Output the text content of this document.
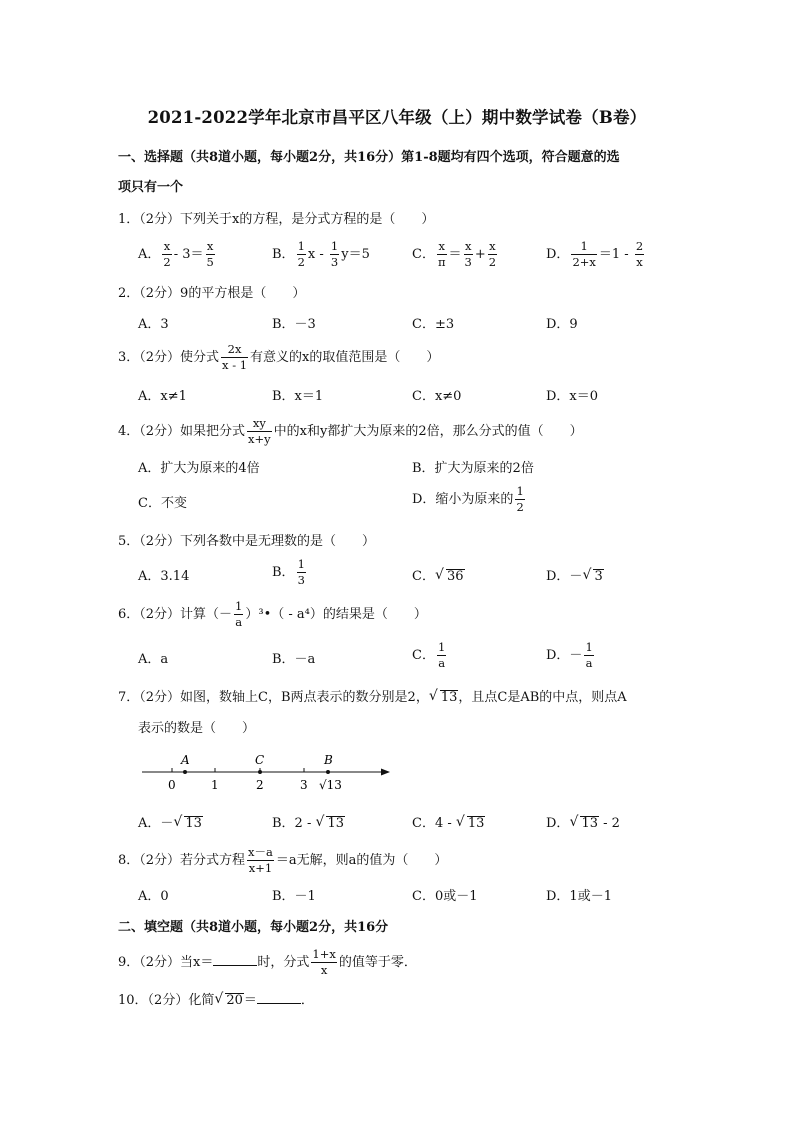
2021-2022学年北京市昌平区八年级（上）期中数学试卷（B卷）
一、选择题（共8道小题，每小题2分，共16分）第1-8题均有四个选项，符合题意的选
项只有一个
1．（2分）下列关于x的方程，是分式方程的是（　　）
A． $\frac{x}{2} - 3= \frac{x}{5}$	B． $\frac{1}{2}$ $x - \frac{1}{3} y=5$	C． $\frac{x}{\pi} = \frac{x}{3} + \frac{x}{2}$	D． $\frac{1}{2+x} =1 - \frac{2}{x}$
2．（2分）9的平方根是（　　）
A．3	B．－3	C．±3	D．9
3．（2分）使分式 $\frac{2x}{x - 1}$ 有意义的x的取值范围是（　　）
A．x≠1	B．x＝1	C．x≠0	D．x＝0
4．（2分）如果把分式 $\frac{xy}{x+y}$ 中的x和y都扩大为原来的2倍，那么分式的值（　　）
A．扩大为原来的4倍	B．扩大为原来的2倍
C．不变	D．缩小为原来的 $\frac{1}{2}$
5．（2分）下列各数中是无理数的是（　　）
A．3.14	B． $\frac{1}{3}$	C． √ 36	D．－ √ 3
6．（2分）计算（－ $\frac{1}{a}$ ）³•（ - a⁴）的结果是（　　）
A．a	B．－a	C． $\frac{1}{a}$	D．－ $\frac{1}{a}$
7．（2分）如图，数轴上C，B两点表示的数分别是2， √ 13，且点C是AB的中点，则点A
表示的数是（　　）
A	C	B
0	1	2	3 √13
A．－ √ 13	B．2 - √ 13	C．4 - √ 13	D． √ 13 - 2
8．（2分）若分式方程 $\frac{x-a}{x+1} =a$无解，则a的值为（　　）
A．0	B．－1	C．0或－1	D．1或－1
二、填空题（共8道小题，每小题2分，共16分
9．（2分）当x＝	时，分式 $\frac{1+x}{x}$ 的值等于零．
10．（2分）化简 √ 20＝	．
